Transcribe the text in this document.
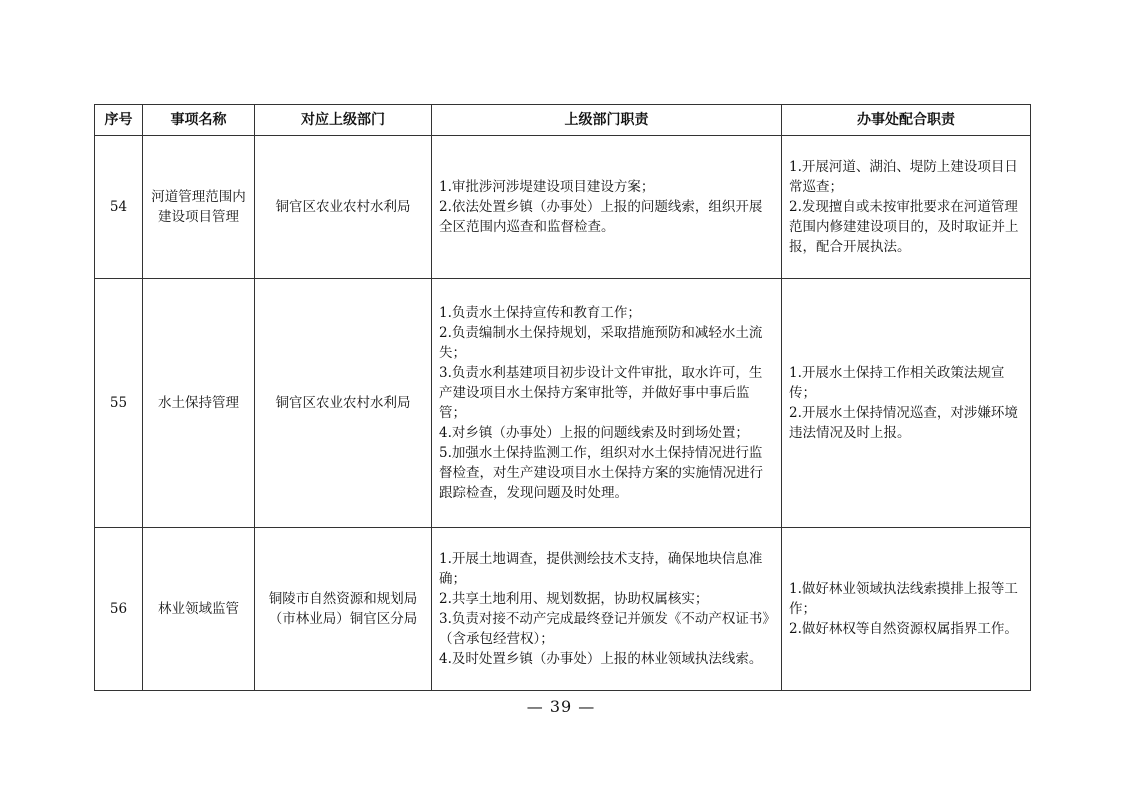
序号	事项名称	对应上级部门	上级部门职责	办事处配合职责
54	河道管理范围内建设项目管理	铜官区农业农村水利局	1.审批涉河涉堤建设项目建设方案；
2.依法处置乡镇（办事处）上报的问题线索，组织开展全区范围内巡查和监督检查。	1.开展河道、湖泊、堤防上建设项目日常巡查；
2.发现擅自或未按审批要求在河道管理范围内修建建设项目的，及时取证并上报，配合开展执法。

55	水土保持管理	铜官区农业农村水利局	1.负责水土保持宣传和教育工作；
2.负责编制水土保持规划，采取措施预防和减轻水土流失；
3.负责水利基建项目初步设计文件审批，取水许可，生产建设项目水土保持方案审批等，并做好事中事后监管；
4.对乡镇（办事处）上报的问题线索及时到场处置；
5.加强水土保持监测工作，组织对水土保持情况进行监督检查，对生产建设项目水土保持方案的实施情况进行跟踪检查，发现问题及时处理。	1.开展水土保持工作相关政策法规宣传；
2.开展水土保持情况巡查，对涉嫌环境违法情况及时上报。

56	林业领域监管	铜陵市自然资源和规划局（市林业局）铜官区分局	1.开展土地调查，提供测绘技术支持，确保地块信息准确；
2.共享土地利用、规划数据，协助权属核实；
3.负责对接不动产完成最终登记并颁发《不动产权证书》（含承包经营权）；
4.及时处置乡镇（办事处）上报的林业领域执法线索。	1.做好林业领域执法线索摸排上报等工作；
2.做好林权等自然资源权属指界工作。
— 39 —
